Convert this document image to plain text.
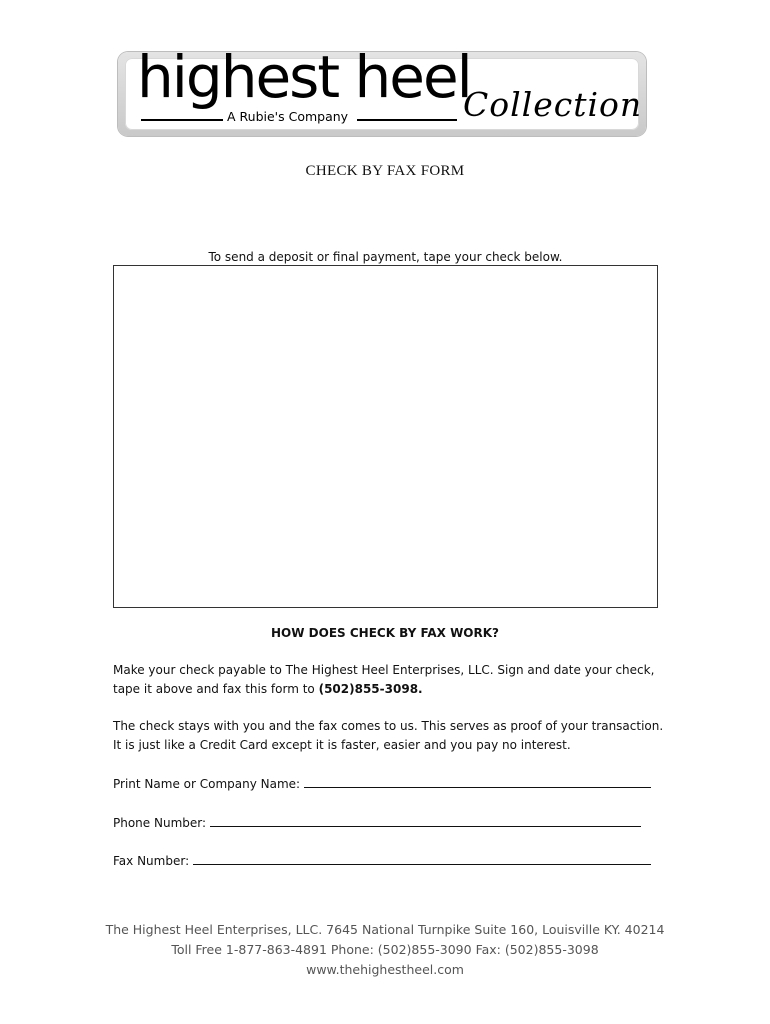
highest heel
A Rubie's Company	Collection
CHECK BY FAX FORM
To send a deposit or final payment, tape your check below.
HOW DOES CHECK BY FAX WORK?
Make your check payable to The Highest Heel Enterprises, LLC. Sign and date your check, tape it above and fax this form to (502)855-3098.
The check stays with you and the fax comes to us. This serves as proof of your transaction. It is just like a Credit Card except it is faster, easier and you pay no interest.
Print Name or Company Name:
Phone Number:
Fax Number:
The Highest Heel Enterprises, LLC. 7645 National Turnpike Suite 160, Louisville KY. 40214
Toll Free 1-877-863-4891 Phone: (502)855-3090 Fax: (502)855-3098
www.thehighestheel.com
